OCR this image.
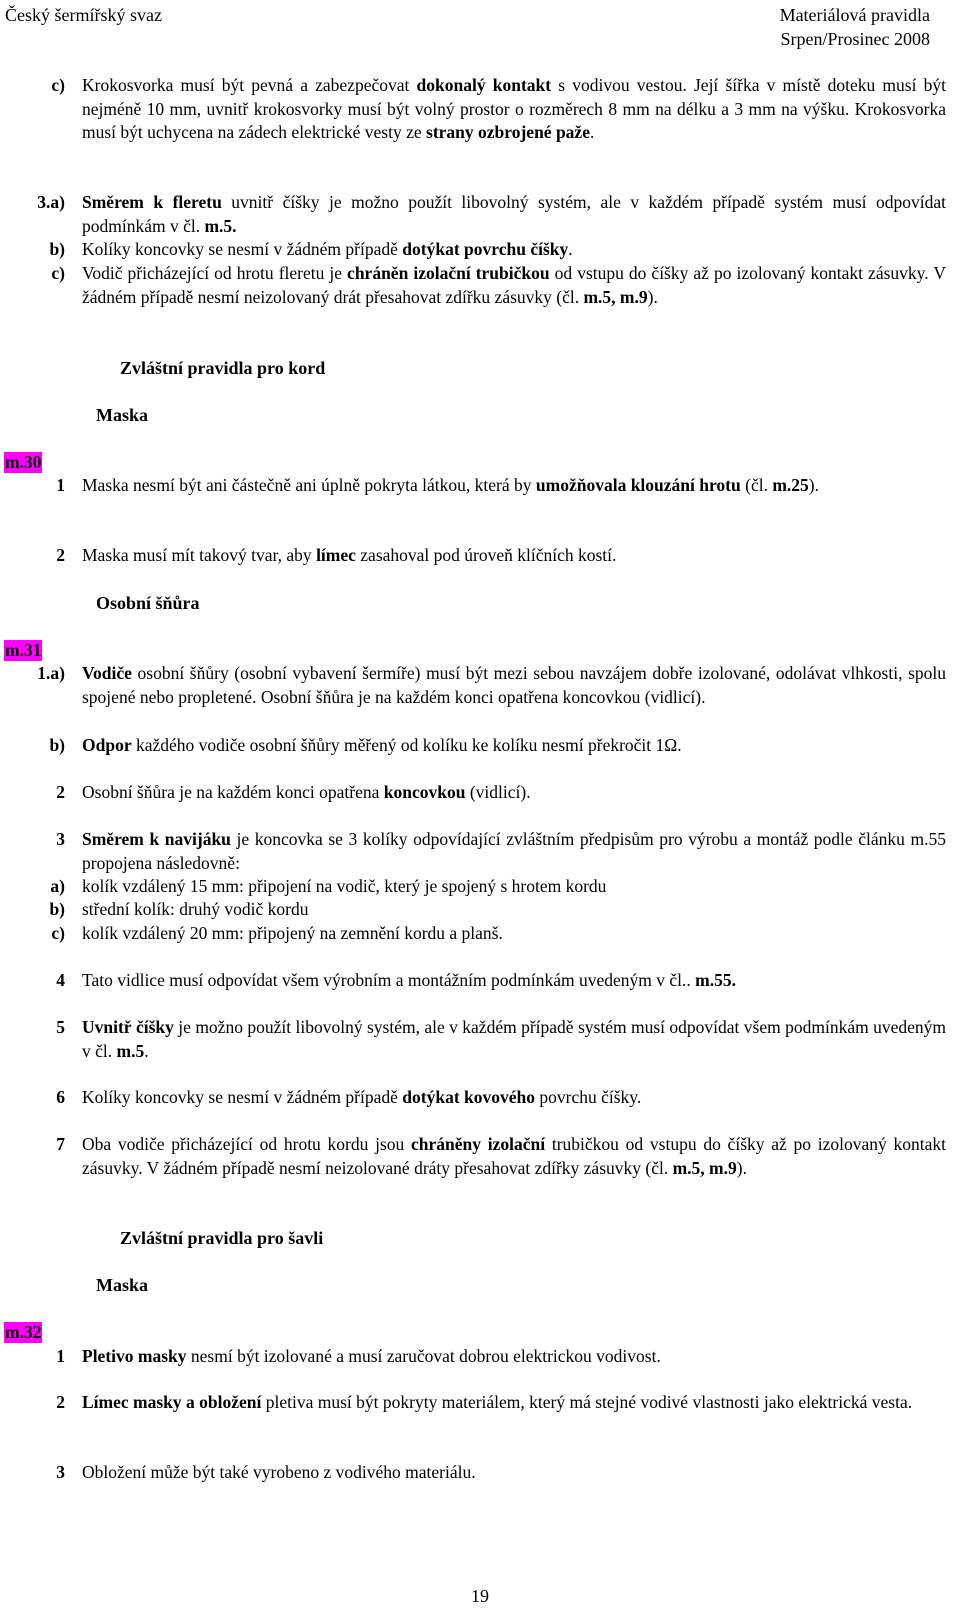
Český šermířský svaz	Materiálová pravidla
Srpen/Prosinec 2008
c) Krokosvorka musí být pevná a zabezpečovat dokonalý kontakt s vodivou vestou. Její šířka v místě doteku musí být nejméně 10 mm, uvnitř krokosvorky musí být volný prostor o rozměrech 8 mm na délku a 3 mm na výšku. Krokosvorka musí být uchycena na zádech elektrické vesty ze strany ozbrojené paže.
3.a) Směrem k fleretu uvnitř číšky je možno použít libovolný systém, ale v každém případě systém musí odpovídat podmínkám v čl. m.5.
b) Kolíky koncovky se nesmí v žádném případě dotýkat povrchu číšky.
c) Vodič přicházející od hrotu fleretu je chráněn izolační trubičkou od vstupu do číšky až po izolovaný kontakt zásuvky. V žádném případě nesmí neizolovaný drát přesahovat zdířku zásuvky (čl. m.5, m.9).
Zvláštní pravidla pro kord
Maska
m.30
1 Maska nesmí být ani částečně ani úplně pokryta látkou, která by umožňovala klouzání hrotu (čl. m.25).
2 Maska musí mít takový tvar, aby límec zasahoval pod úroveň klíčních kostí.
Osobní šňůra
m.31
1.a) Vodiče osobní šňůry (osobní vybavení šermíře) musí být mezi sebou navzájem dobře izolované, odolávat vlhkosti, spolu spojené nebo propletené. Osobní šňůra je na každém konci opatřena koncovkou (vidlicí).
b) Odpor každého vodiče osobní šňůry měřený od kolíku ke kolíku nesmí překročit 1Ω.
2 Osobní šňůra je na každém konci opatřena koncovkou (vidlicí).
3 Směrem k navijáku je koncovka se 3 kolíky odpovídající zvláštním předpisům pro výrobu a montáž podle článku m.55 propojena následovně:
a) kolík vzdálený 15 mm: připojení na vodič, který je spojený s hrotem kordu
b) střední kolík: druhý vodič kordu
c) kolík vzdálený 20 mm: připojený na zemnění kordu a planš.
4 Tato vidlice musí odpovídat všem výrobním a montážním podmínkám uvedeným v čl.. m.55.
5 Uvnitř číšky je možno použít libovolný systém, ale v každém případě systém musí odpovídat všem podmínkám uvedeným v čl. m.5.
6 Kolíky koncovky se nesmí v žádném případě dotýkat kovového povrchu číšky.
7 Oba vodiče přicházející od hrotu kordu jsou chráněny izolační trubičkou od vstupu do číšky až po izolovaný kontakt zásuvky. V žádném případě nesmí neizolované dráty přesahovat zdířky zásuvky (čl. m.5, m.9).
Zvláštní pravidla pro šavli
Maska
m.32
1 Pletivo masky nesmí být izolované a musí zaručovat dobrou elektrickou vodivost.
2 Límec masky a obložení pletiva musí být pokryty materiálem, který má stejné vodivé vlastnosti jako elektrická vesta.
3 Obložení může být také vyrobeno z vodivého materiálu.
19
